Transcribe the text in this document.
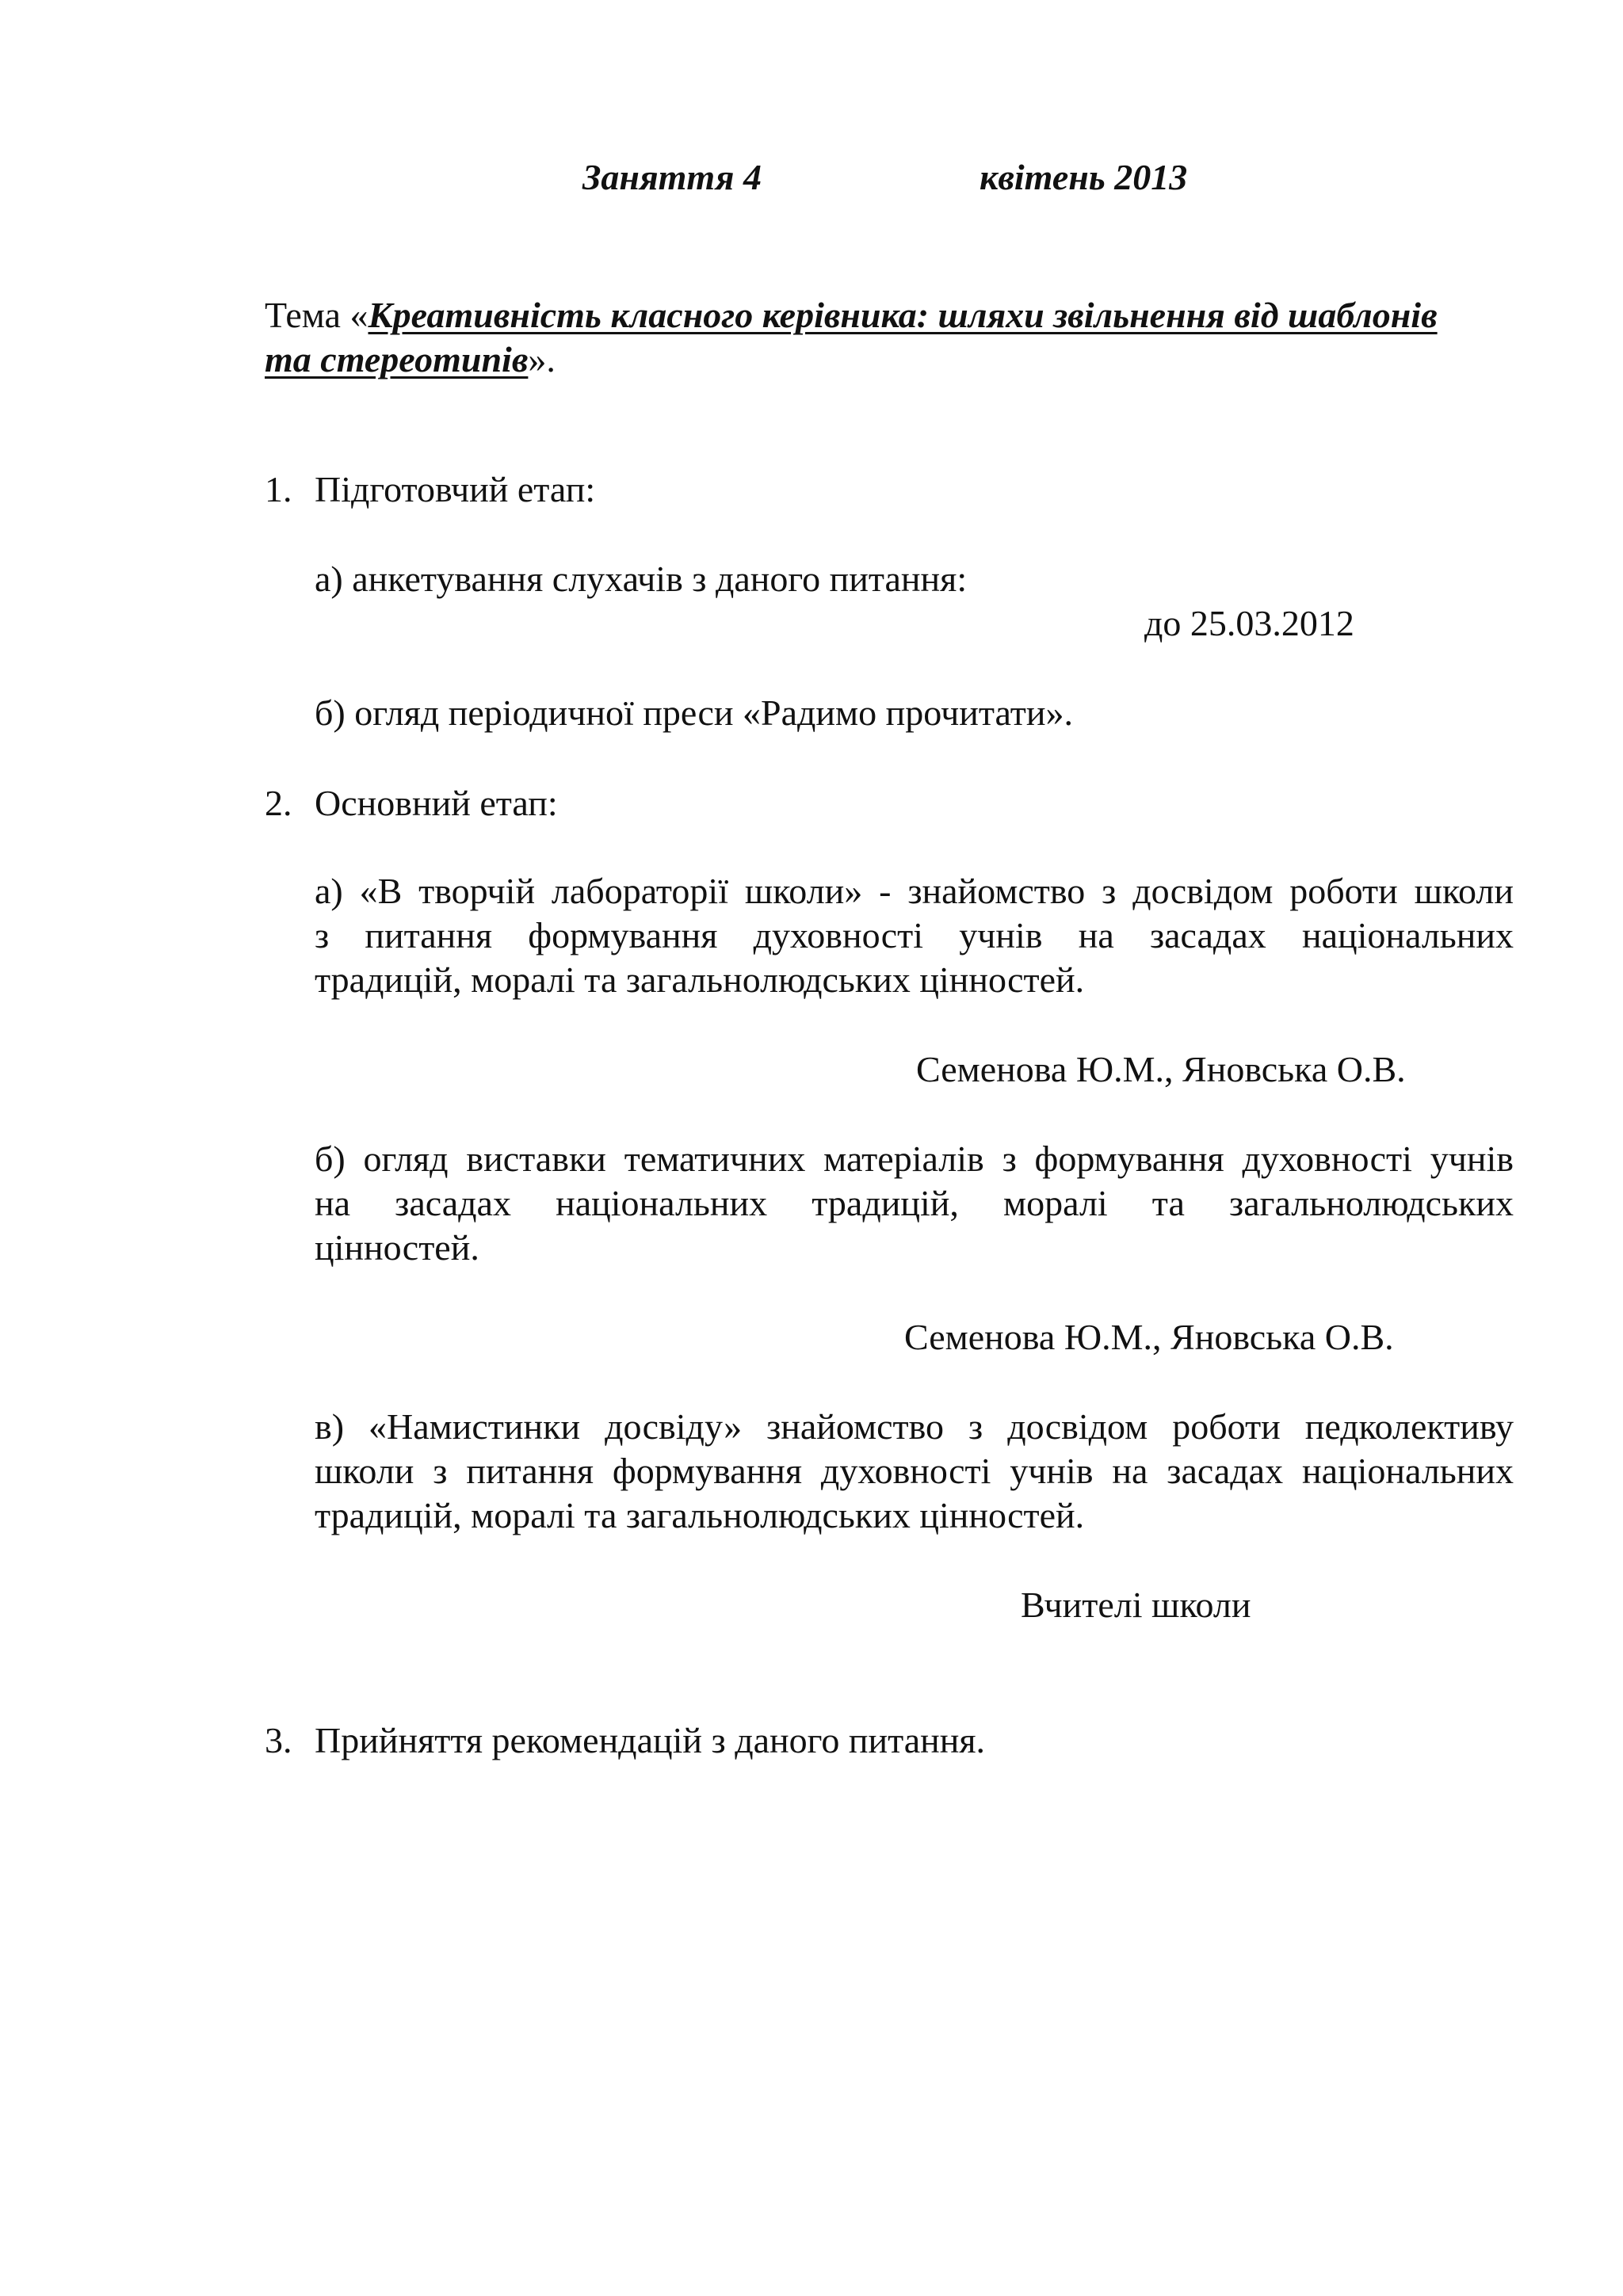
Заняття 4	квітень 2013
Тема «Креативність класного керівника: шляхи звільнення від шаблонів
та стереотипів».
1. Підготовчий етап:
а) анкетування слухачів з даного питання:
до 25.03.2012
б) огляд періодичної преси «Радимо прочитати».
2. Основний етап:
а) «В творчій лабораторії школи» - знайомство з досвідом роботи школи
з питання формування духовності учнів на засадах національних
традицій, моралі та загальнолюдських цінностей.
Семенова Ю.М., Яновська О.В.
б) огляд виставки тематичних матеріалів з формування духовності учнів
на засадах національних традицій, моралі та загальнолюдських
цінностей.
Семенова Ю.М., Яновська О.В.
в) «Намистинки досвіду» знайомство з досвідом роботи педколективу
школи з питання формування духовності учнів на засадах національних
традицій, моралі та загальнолюдських цінностей.
Вчителі школи
3. Прийняття рекомендацій з даного питання.
